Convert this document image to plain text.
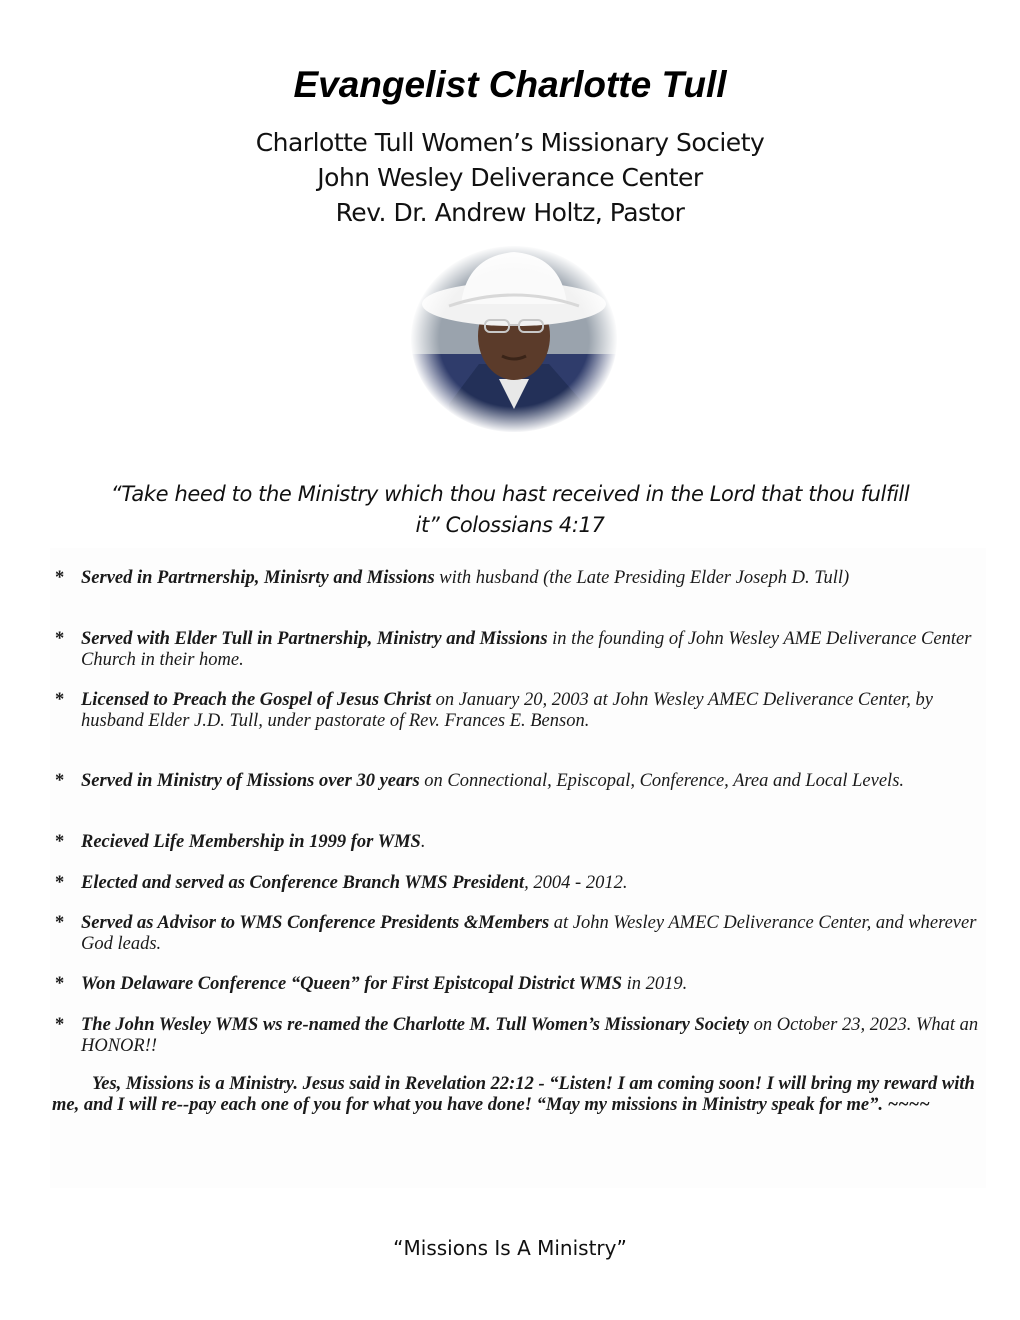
Evangelist Charlotte Tull
Charlotte Tull Women’s Missionary Society
John Wesley Deliverance Center
Rev. Dr. Andrew Holtz, Pastor
“Take heed to the Ministry which thou hast received in the Lord that thou fulfill
it” Colossians 4:17
* Served in Partrnership, Minisrty and Missions with husband (the Late Presiding Elder Joseph D. Tull)
* Served with Elder Tull in Partnership, Ministry and Missions in the founding of John Wesley AME Deliverance Center Church in their home.
* Licensed to Preach the Gospel of Jesus Christ on January 20, 2003 at John Wesley AMEC Deliverance Center, by husband Elder J.D. Tull, under pastorate of Rev. Frances E. Benson.
* Served in Ministry of Missions over 30 years on Connectional, Episcopal, Conference, Area and Local Levels.
* Recieved Life Membership in 1999 for WMS.
* Elected and served as Conference Branch WMS President, 2004 - 2012.
* Served as Advisor to WMS Conference Presidents &Members at John Wesley AMEC Deliverance Center, and wherever God leads.
* Won Delaware Conference “Queen” for First Epistcopal District WMS in 2019.
* The John Wesley WMS ws re-named the Charlotte M. Tull Women’s Missionary Society on October 23, 2023. What an HONOR!!
Yes, Missions is a Ministry. Jesus said in Revelation 22:12 - “Listen! I am coming soon! I will bring my reward with me, and I will re--pay each one of you for what you have done! “May my missions in Ministry speak for me”. ~~~~
“Missions Is A Ministry”
